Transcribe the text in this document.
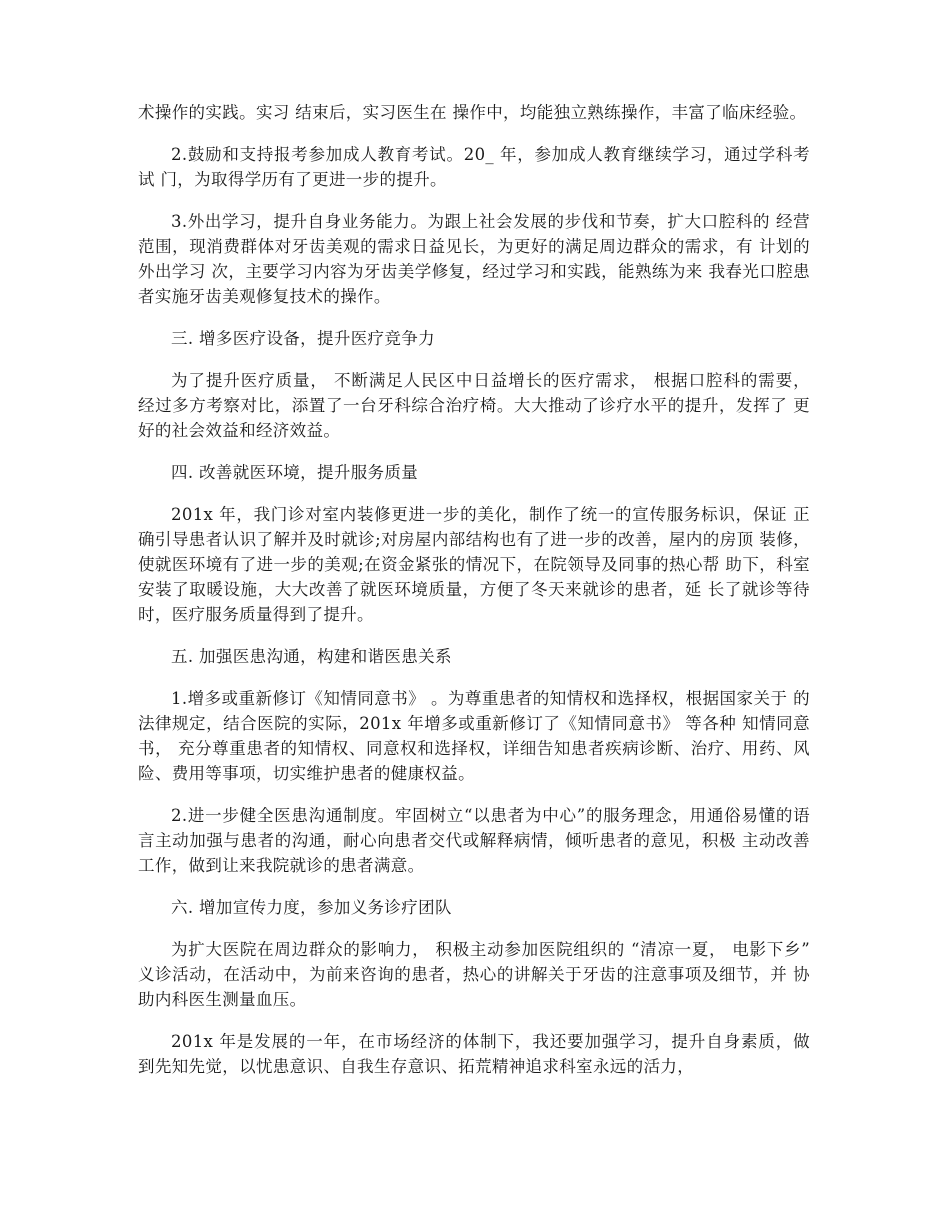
术操作的实践。实习 结束后，实习医生在 操作中，均能独立熟练操作，丰富了临床经验。

2.鼓励和支持报考参加成人教育考试。20_ 年，参加成人教育继续学习，通过学科考试 门，为取得学历有了更进一步的提升。

3.外出学习，提升自身业务能力。为跟上社会发展的步伐和节奏，扩大口腔科的 经营范围，现消费群体对牙齿美观的需求日益见长，为更好的满足周边群众的需求，有 计划的外出学习 次，主要学习内容为牙齿美学修复，经过学习和实践，能熟练为来 我春光口腔患者实施牙齿美观修复技术的操作。

三. 增多医疗设备，提升医疗竞争力

为了提升医疗质量， 不断满足人民区中日益增长的医疗需求， 根据口腔科的需要， 经过多方考察对比，添置了一台牙科综合治疗椅。大大推动了诊疗水平的提升，发挥了 更好的社会效益和经济效益。

四. 改善就医环境，提升服务质量

201x 年，我门诊对室内装修更进一步的美化，制作了统一的宣传服务标识，保证 正确引导患者认识了解并及时就诊;对房屋内部结构也有了进一步的改善，屋内的房顶 装修，使就医环境有了进一步的美观;在资金紧张的情况下，在院领导及同事的热心帮 助下，科室安装了取暖设施，大大改善了就医环境质量，方便了冬天来就诊的患者，延 长了就诊等待时，医疗服务质量得到了提升。

五. 加强医患沟通，构建和谐医患关系

1.增多或重新修订《知情同意书》 。为尊重患者的知情权和选择权，根据国家关于 的法律规定，结合医院的实际，201x 年增多或重新修订了《知情同意书》 等各种 知情同意书， 充分尊重患者的知情权、同意权和选择权，详细告知患者疾病诊断、治疗、用药、风险、费用等事项，切实维护患者的健康权益。

2.进一步健全医患沟通制度。牢固树立“以患者为中心”的服务理念，用通俗易懂的语言主动加强与患者的沟通，耐心向患者交代或解释病情，倾听患者的意见，积极 主动改善工作，做到让来我院就诊的患者满意。

六. 增加宣传力度，参加义务诊疗团队

为扩大医院在周边群众的影响力， 积极主动参加医院组织的 “清凉一夏， 电影下乡” 义诊活动，在活动中，为前来咨询的患者，热心的讲解关于牙齿的注意事项及细节，并 协助内科医生测量血压。

201x 年是发展的一年，在市场经济的体制下，我还要加强学习，提升自身素质，做 到先知先觉，以忧患意识、自我生存意识、拓荒精神追求科室永远的活力，
